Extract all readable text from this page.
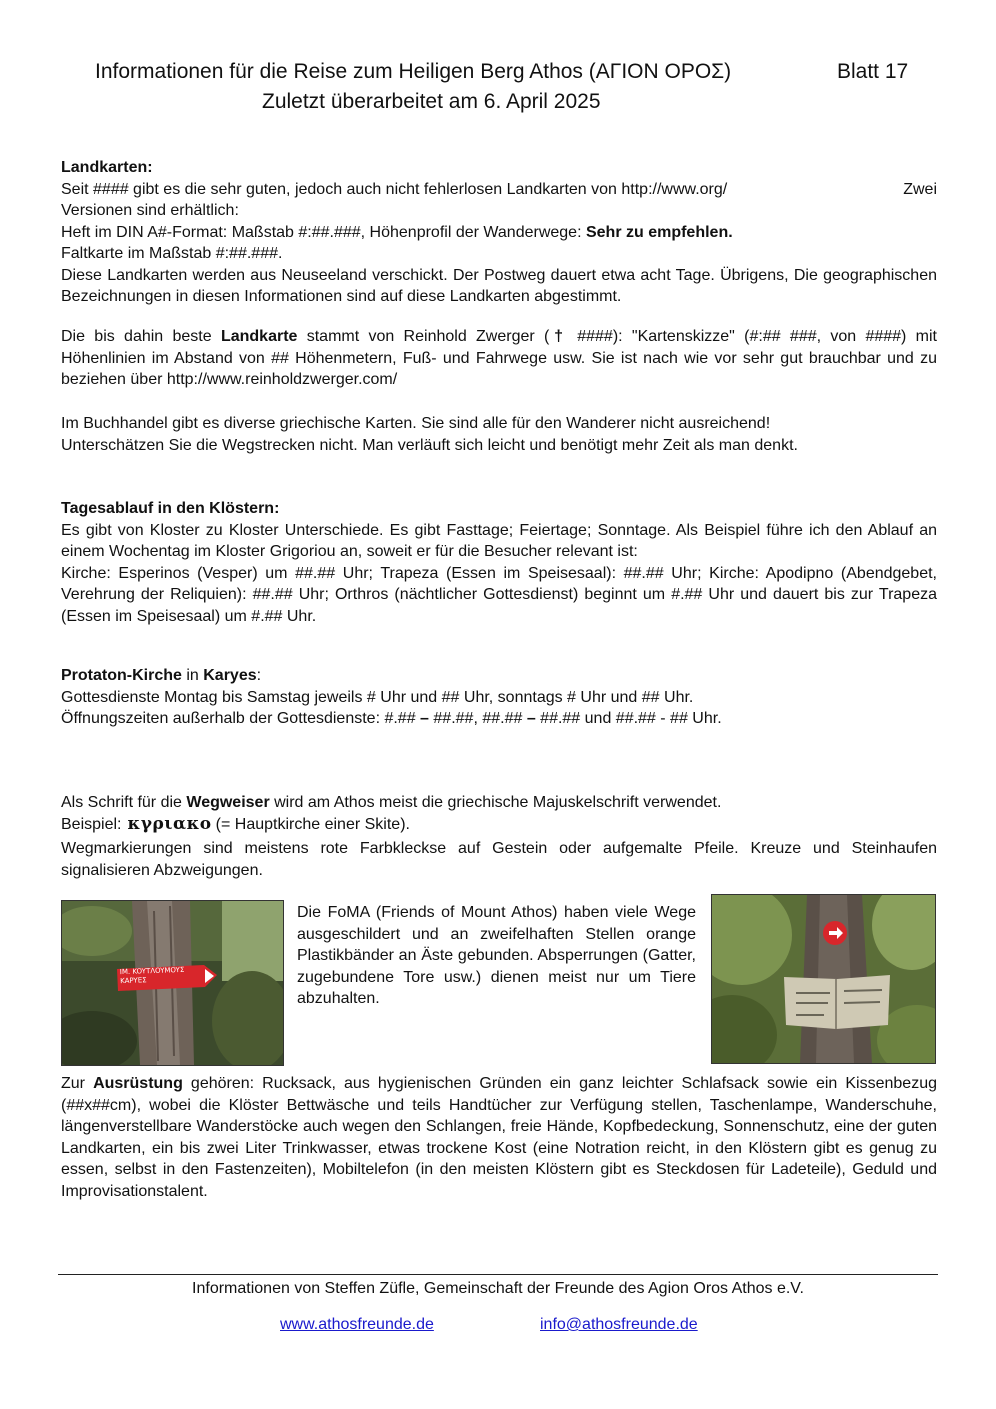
Informationen für die Reise zum Heiligen Berg Athos (ΑΓΙΟΝ ΟΡΟΣ)	Blatt 17
Zuletzt überarbeitet am 6. April 2025

Landkarten:

Seit #### gibt es die sehr guten, jedoch auch nicht fehlerlosen Landkarten von http://www.org/	Zwei

Versionen sind erhältlich:

Heft im DIN A#-Format: Maßstab #:##.###, Höhenprofil der Wanderwege: Sehr zu empfehlen.

Faltkarte im Maßstab #:##.###.

Diese Landkarten werden aus Neuseeland verschickt. Der Postweg dauert etwa acht Tage. Übrigens, Die geographischen Bezeichnungen in diesen Informationen sind auf diese Landkarten abgestimmt.

Die bis dahin beste Landkarte stammt von Reinhold Zwerger († ####): "Kartenskizze" (#:## ###, von ####) mit Höhenlinien im Abstand von ## Höhenmetern, Fuß- und Fahrwege usw. Sie ist nach wie vor sehr gut brauchbar und zu beziehen über http://www.reinholdzwerger.com/

Im Buchhandel gibt es diverse griechische Karten. Sie sind alle für den Wanderer nicht ausreichend!

Unterschätzen Sie die Wegstrecken nicht. Man verläuft sich leicht und benötigt mehr Zeit als man denkt.

Tagesablauf in den Klöstern:

Es gibt von Kloster zu Kloster Unterschiede. Es gibt Fasttage; Feiertage; Sonntage. Als Beispiel führe ich den Ablauf an einem Wochentag im Kloster Grigoriou an, soweit er für die Besucher relevant ist:

Kirche: Esperinos (Vesper) um ##.## Uhr; Trapeza (Essen im Speisesaal): ##.## Uhr; Kirche: Apodipno (Abendgebet, Verehrung der Reliquien): ##.## Uhr; Orthros (nächtlicher Gottesdienst) beginnt um #.## Uhr und dauert bis zur Trapeza (Essen im Speisesaal) um #.## Uhr.

Protaton-Kirche in Karyes:

Gottesdienste Montag bis Samstag jeweils # Uhr und ## Uhr, sonntags # Uhr und ## Uhr.

Öffnungszeiten außerhalb der Gottesdienste: #.## – ##.##, ##.## – ##.## und ##.## - ## Uhr.

Als Schrift für die Wegweiser wird am Athos meist die griechische Majuskelschrift verwendet.

Beispiel: κγριακο (= Hauptkirche einer Skite).

Wegmarkierungen sind meistens rote Farbkleckse auf Gestein oder aufgemalte Pfeile. Kreuze und Steinhaufen signalisieren Abzweigungen.

IM. KOYTΛOYMOYΣ
KAPYEΣ
Die FoMA (Friends of Mount Athos) haben viele Wege ausgeschildert und an zweifelhaften Stellen orange Plastikbänder an Äste gebunden. Absperrungen (Gatter, zugebundene Tore usw.) dienen meist nur um Tiere abzuhalten.
Zur Ausrüstung gehören: Rucksack, aus hygienischen Gründen ein ganz leichter Schlafsack sowie ein Kissenbezug (##x##cm), wobei die Klöster Bettwäsche und teils Handtücher zur Verfügung stellen, Taschenlampe, Wanderschuhe, längenverstellbare Wanderstöcke auch wegen den Schlangen, freie Hände, Kopfbedeckung, Sonnenschutz, eine der guten Landkarten, ein bis zwei Liter Trinkwasser, etwas trockene Kost (eine Notration reicht, in den Klöstern gibt es genug zu essen, selbst in den Fastenzeiten), Mobiltelefon (in den meisten Klöstern gibt es Steckdosen für Ladeteile), Geduld und Improvisationstalent.
Informationen von Steffen Züfle, Gemeinschaft der Freunde des Agion Oros Athos e.V.
www.athosfreunde.de	info@athosfreunde.de
